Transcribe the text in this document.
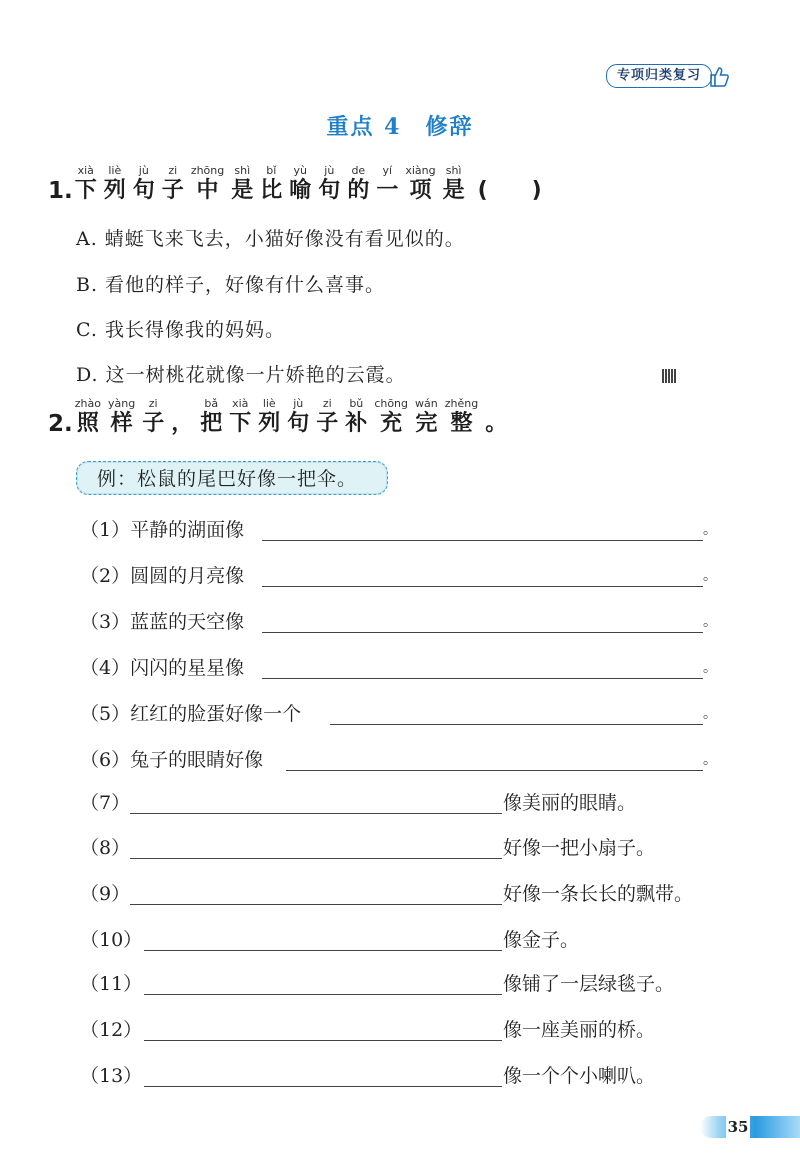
专项归类复习
重点 4　修辞
1.
xià
下
liè
列
jù
句
zi
子
zhōng
中
shì
是
bǐ
比
yù
喻
jù
句
de
的
yí
一
xiàng
项
shì
是 ()
A. 蜻蜓飞来飞去，小猫好像没有看见似的。
B. 看他的样子，好像有什么喜事。
C. 我长得像我的妈妈。
D. 这一树桃花就像一片娇艳的云霞。
2.
zhào
照
yàng
样
zi
子 ，
bǎ
把
xià
下
liè
列
jù
句
zi
子
bǔ
补
chōng
充
wán
完
zhěng
整 。
例：松鼠的尾巴好像一把伞。
（1）平静的湖面像	。
（2）圆圆的月亮像	。
（3）蓝蓝的天空像	。
（4）闪闪的星星像	。
（5）红红的脸蛋好像一个	。
（6）兔子的眼睛好像	。
（7）	像美丽的眼睛。
（8）	好像一把小扇子。
（9）	好像一条长长的飘带。
（10）	像金子。
（11）	像铺了一层绿毯子。
（12）	像一座美丽的桥。
（13）	像一个个小喇叭。
35
